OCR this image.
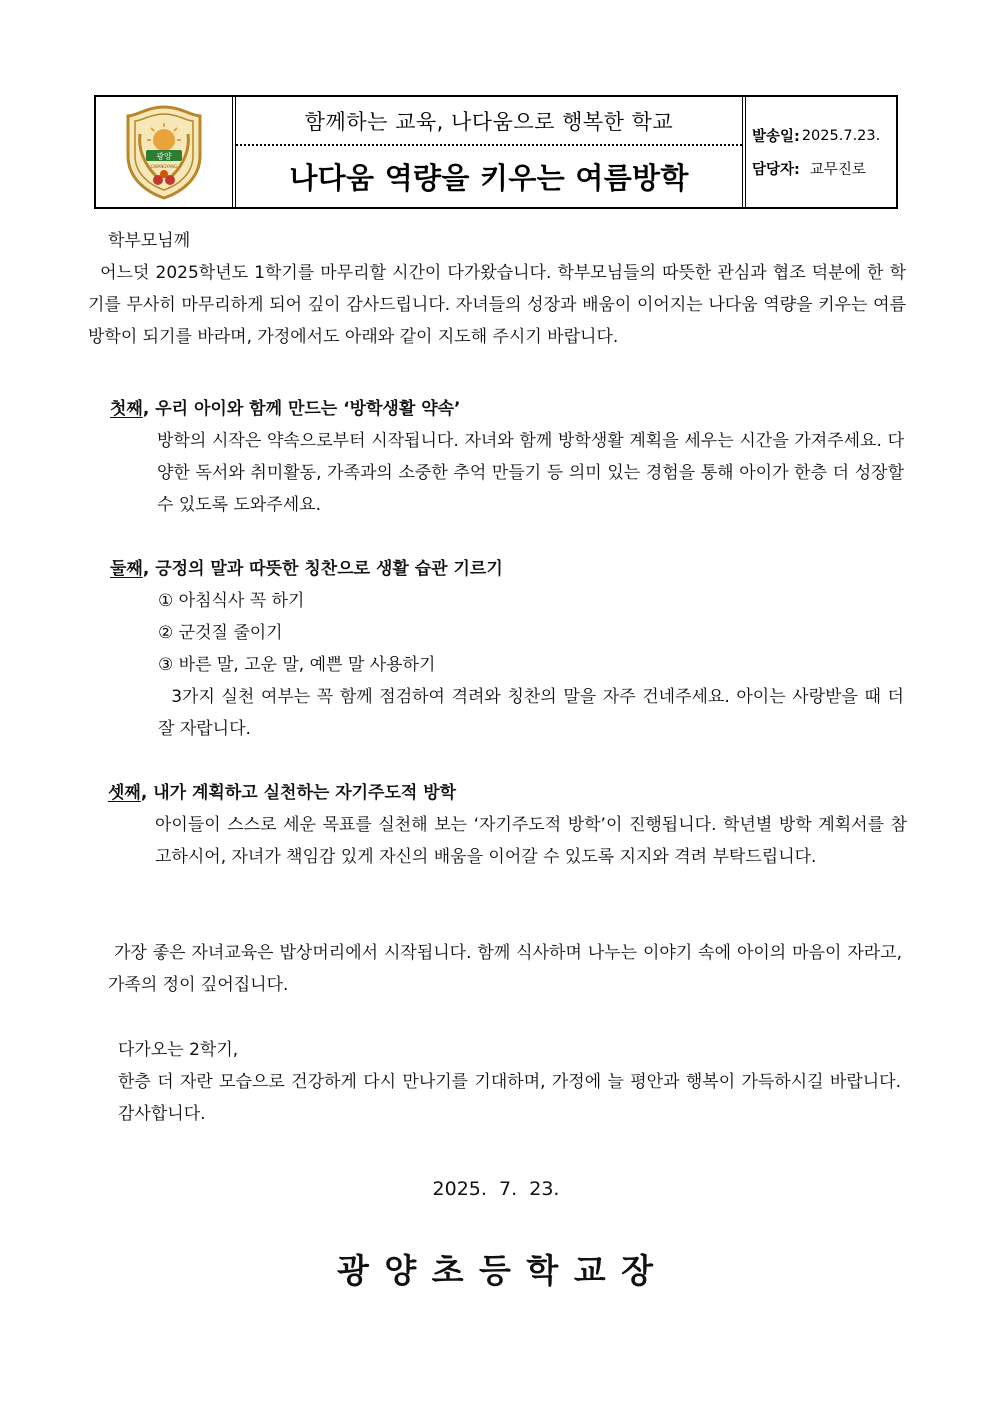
광양
GWANGYANG
함께하는 교육, 나다움으로 행복한 학교
나다움 역량을 키우는 여름방학
발송일: 2025.7.23.
담당자: 교무진로
학부모님께
어느덧 2025학년도 1학기를 마무리할 시간이 다가왔습니다. 학부모님들의 따뜻한 관심과 협조 덕분에 한 학기를 무사히 마무리하게 되어 깊이 감사드립니다. 자녀들의 성장과 배움이 이어지는 나다움 역량을 키우는 여름방학이 되기를 바라며, 가정에서도 아래와 같이 지도해 주시기 바랍니다.
첫째, 우리 아이와 함께 만드는 ‘방학생활 약속’
방학의 시작은 약속으로부터 시작됩니다. 자녀와 함께 방학생활 계획을 세우는 시간을 가져주세요. 다양한 독서와 취미활동, 가족과의 소중한 추억 만들기 등 의미 있는 경험을 통해 아이가 한층 더 성장할 수 있도록 도와주세요.
둘째, 긍정의 말과 따뜻한 칭찬으로 생활 습관 기르기
① 아침식사 꼭 하기
② 군것질 줄이기
③ 바른 말, 고운 말, 예쁜 말 사용하기
3가지 실천 여부는 꼭 함께 점검하여 격려와 칭찬의 말을 자주 건네주세요. 아이는 사랑받을 때 더 잘 자랍니다.
셋째, 내가 계획하고 실천하는 자기주도적 방학
아이들이 스스로 세운 목표를 실천해 보는 ‘자기주도적 방학’이 진행됩니다. 학년별 방학 계획서를 참고하시어, 자녀가 책임감 있게 자신의 배움을 이어갈 수 있도록 지지와 격려 부탁드립니다.
가장 좋은 자녀교육은 밥상머리에서 시작됩니다. 함께 식사하며 나누는 이야기 속에 아이의 마음이 자라고, 가족의 정이 깊어집니다.
다가오는 2학기,
한층 더 자란 모습으로 건강하게 다시 만나기를 기대하며, 가정에 늘 평안과 행복이 가득하시길 바랍니다. 감사합니다.
2025.  7.  23.
광 양 초 등 학 교 장
